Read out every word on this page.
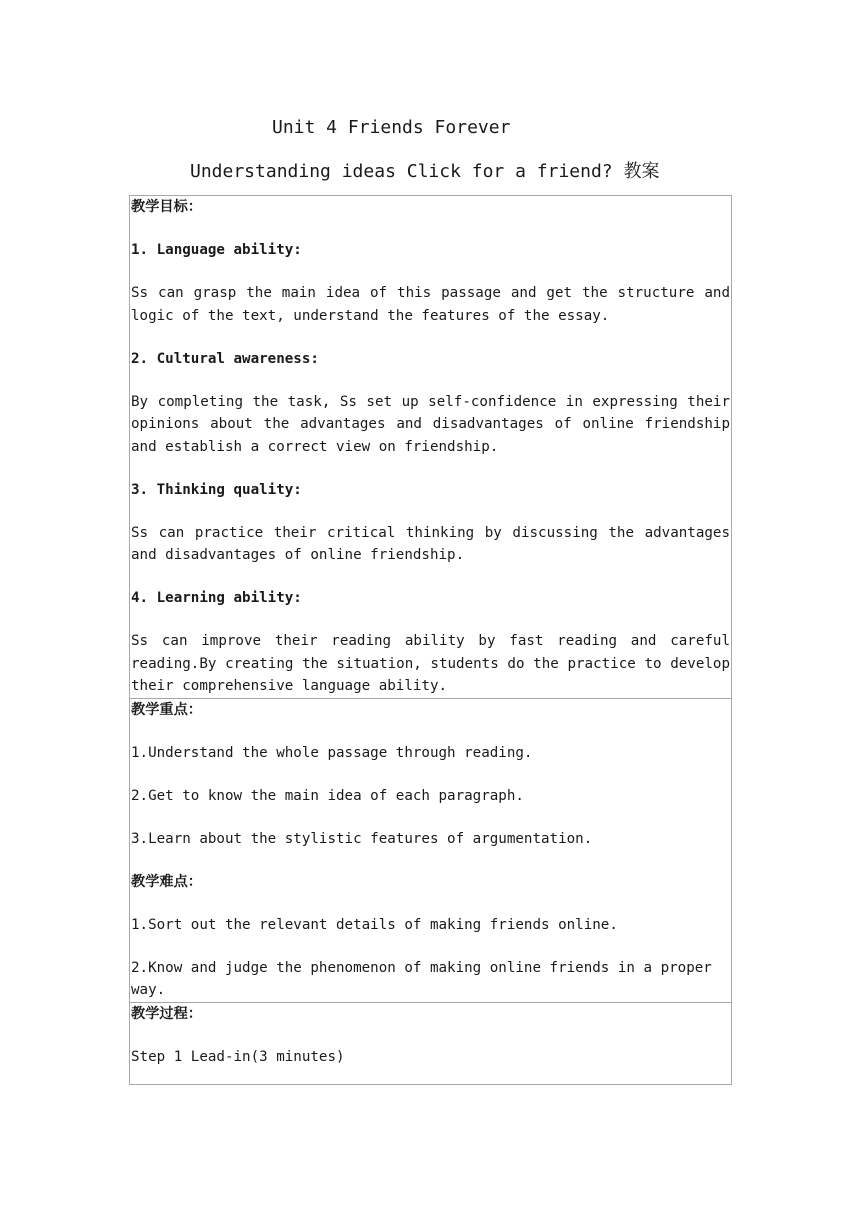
Unit 4 Friends Forever
Understanding ideas Click for a friend? 教案

教学目标：

1. Language ability:

Ss can grasp the main idea of this passage and get the structure and logic of the text, understand the features of the essay.

2. Cultural awareness:

By completing the task, Ss set up self-confidence in expressing their opinions about the advantages and disadvantages of online friendship and establish a correct view on friendship.

3. Thinking quality:

Ss can practice their critical thinking by discussing the advantages and disadvantages of online friendship.

4. Learning ability:

Ss can improve their reading ability by fast reading and careful reading.By creating the situation, students do the practice to develop their comprehensive language ability.

教学重点：

1.Understand the whole passage through reading.

2.Get to know the main idea of each paragraph.

3.Learn about the stylistic features of argumentation.

教学难点：

1.Sort out the relevant details of making friends online.

2.Know and judge the phenomenon of making online friends in a proper way.

教学过程：

Step 1 Lead-in(3 minutes)
